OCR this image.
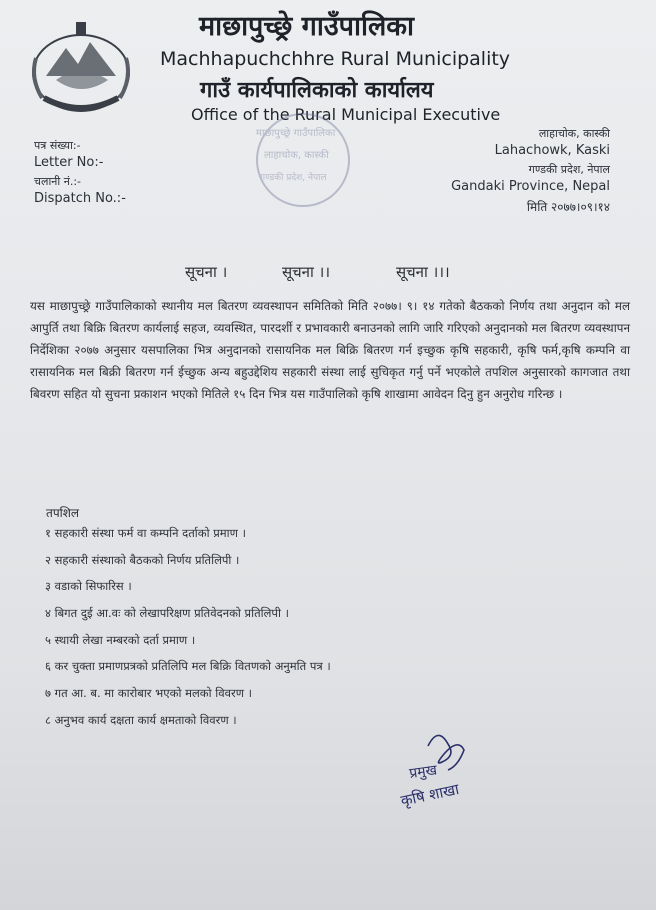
माछापुच्छ्रे गाउँपालिका
Machhapuchchhre Rural Municipality
गाउँ कार्यपालिकाको कार्यालय
Office of the Rural Municipal Executive
माछापुच्छ्रे गाउँपालिका
लाहाचोक, कास्की
गण्डकी प्रदेश, नेपाल
पत्र संख्या:-
Letter No:-
चलानी नं.:-
Dispatch No.:-
लाहाचोक, कास्की
Lahachowk, Kaski
गण्डकी प्रदेश, नेपाल
Gandaki Province, Nepal
मिति २०७७।०९।१४
सूचना ।	सूचना ।।	सूचना ।।।
यस माछापुच्छ्रे गाउँपालिकाको स्थानीय मल बितरण व्यवस्थापन समितिको मिति २०७७। ९। १४ गतेको बैठकको निर्णय तथा अनुदान को मल आपुर्ति तथा बिक्रि बितरण कार्यलाई सहज, व्यवस्थित, पारदर्शी र प्रभावकारी बनाउनको लागि जारि गरिएको अनुदानको मल बितरण व्यवस्थापन निर्देशिका २०७७ अनुसार यसपालिका भित्र अनुदानको रासायनिक मल बिक्रि बितरण गर्न इच्छुक कृषि सहकारी, कृषि फर्म,कृषि कम्पनि वा रासायनिक मल बिक्री बितरण गर्न ईच्छुक अन्य बहुउद्देशिय सहकारी संस्था लाई सुचिकृत गर्नु पर्ने भएकोले तपशिल अनुसारको कागजात तथा बिवरण सहित यो सुचना प्रकाशन भएको मितिले १५ दिन भित्र यस गाउँपालिको कृषि शाखामा आवेदन दिनु हुन अनुरोध गरिन्छ ।
तपशिल
१ सहकारी संस्था फर्म वा कम्पनि दर्ताको प्रमाण ।
२ सहकारी संस्थाको बैठकको निर्णय प्रतिलिपी ।
३ वडाको सिफारिस ।
४ बिगत दुई आ.वः को लेखापरिक्षण प्रतिवेदनको प्रतिलिपी ।
५ स्थायी लेखा नम्बरको दर्ता प्रमाण ।
६ कर चुक्ता प्रमाणप्रत्रको प्रतिलिपि मल बिक्रि वितणको अनुमति पत्र ।
७ गत आ. ब. मा कारोबार भएको मलको विवरण ।
८ अनुभव कार्य दक्षता कार्य क्षमताको विवरण ।
प्रमुख
कृषि शाखा
